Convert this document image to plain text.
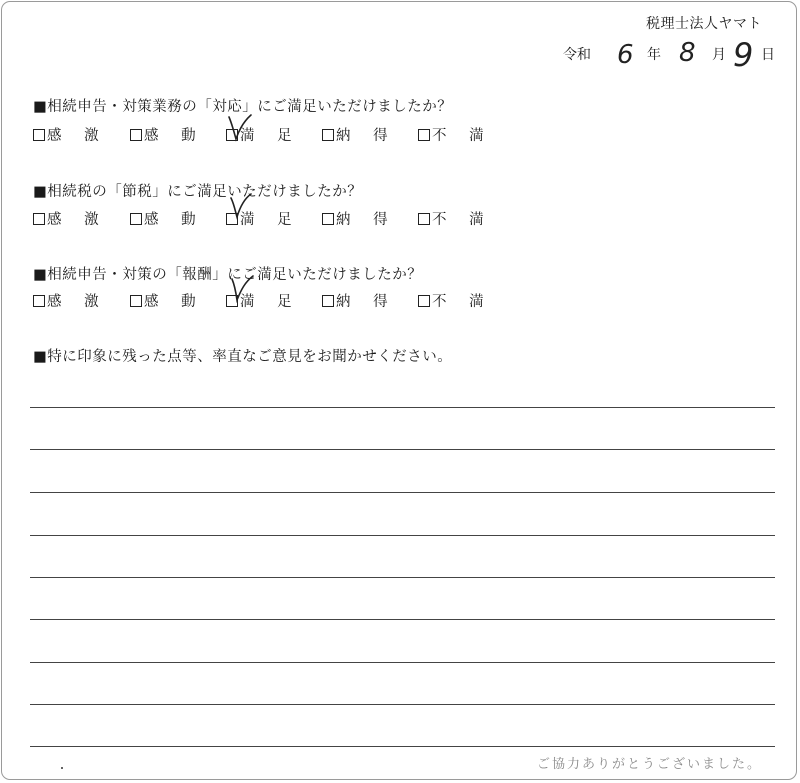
税理士法人ヤマト
令和 6 年 8 月 9 日
■相続申告・対策業務の「対応」にご満足いただけましたか？
感 激	感 動	満 足	納 得	不 満
■相続税の「節税」にご満足いただけましたか？
感 激	感 動	満 足	納 得	不 満
■相続申告・対策の「報酬」にご満足いただけましたか？
感 激	感 動	満 足	納 得	不 満
■特に印象に残った点等、率直なご意見をお聞かせください。
ご協力ありがとうございました。
